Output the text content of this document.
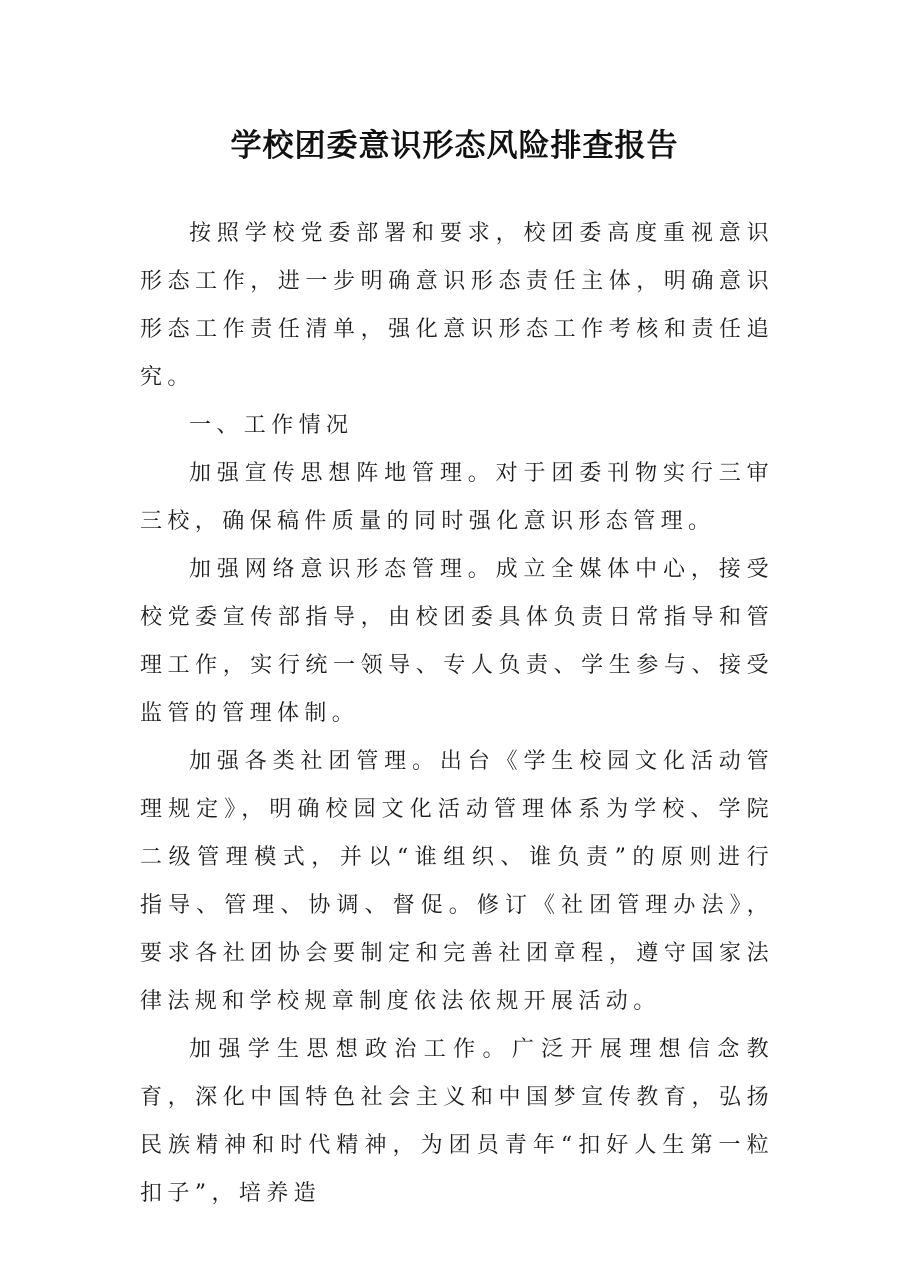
学校团委意识形态风险排查报告

按照学校党委部署和要求，校团委高度重视意识形态工作，进一步明确意识形态责任主体，明确意识形态工作责任清单，强化意识形态工作考核和责任追究。

一、工作情况

加强宣传思想阵地管理。对于团委刊物实行三审三校，确保稿件质量的同时强化意识形态管理。

加强网络意识形态管理。成立全媒体中心，接受校党委宣传部指导，由校团委具体负责日常指导和管理工作，实行统一领导、专人负责、学生参与、接受监管的管理体制。

加强各类社团管理。出台《学生校园文化活动管理规定》，明确校园文化活动管理体系为学校、学院二级管理模式，并以“谁组织、谁负责”的原则进行指导、管理、协调、督促。修订《社团管理办法》，要求各社团协会要制定和完善社团章程，遵守国家法律法规和学校规章制度依法依规开展活动。

加强学生思想政治工作。广泛开展理想信念教育，深化中国特色社会主义和中国梦宣传教育，弘扬民族精神和时代精神，为团员青年“扣好人生第一粒扣子”，培养造
